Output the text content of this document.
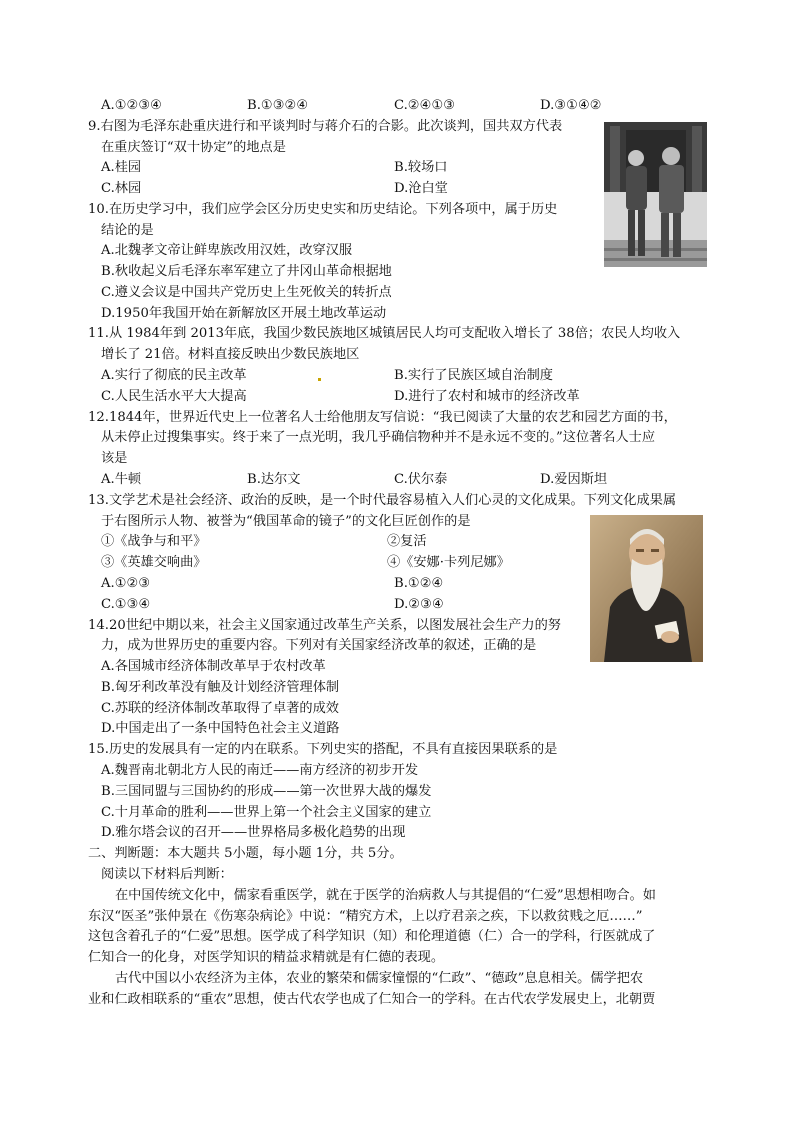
A.①②③④	B.①③②④	C.②④①③	D.③①④②
9.右图为毛泽东赴重庆进行和平谈判时与蒋介石的合影。此次谈判，国共双方代表
在重庆签订“双十协定”的地点是
A.桂园	B.较场口
C.林园	D.沧白堂
10.在历史学习中，我们应学会区分历史史实和历史结论。下列各项中，属于历史
结论的是
A.北魏孝文帝让鲜卑族改用汉姓，改穿汉服
B.秋收起义后毛泽东率军建立了井冈山革命根据地
C.遵义会议是中国共产党历史上生死攸关的转折点
D.1950年我国开始在新解放区开展土地改革运动
11.从 1984年到 2013年底，我国少数民族地区城镇居民人均可支配收入增长了 38倍；农民人均收入
增长了 21倍。材料直接反映出少数民族地区
A.实行了彻底的民主改革	B.实行了民族区域自治制度
C.人民生活水平大大提高	D.进行了农村和城市的经济改革
12.1844年，世界近代史上一位著名人士给他朋友写信说：“我已阅读了大量的农艺和园艺方面的书，
从未停止过搜集事实。终于来了一点光明，我几乎确信物种并不是永远不变的。”这位著名人士应
该是
A.牛顿	B.达尔文	C.伏尔泰	D.爱因斯坦
13.文学艺术是社会经济、政治的反映，是一个时代最容易植入人们心灵的文化成果。下列文化成果属
于右图所示人物、被誉为“俄国革命的镜子”的文化巨匠创作的是
①《战争与和平》	②复活
③《英雄交响曲》	④《安娜·卡列尼娜》
A.①②③	B.①②④
C.①③④	D.②③④
14.20世纪中期以来，社会主义国家通过改革生产关系，以图发展社会生产力的努
力，成为世界历史的重要内容。下列对有关国家经济改革的叙述，正确的是
A.各国城市经济体制改革早于农村改革
B.匈牙利改革没有触及计划经济管理体制
C.苏联的经济体制改革取得了卓著的成效
D.中国走出了一条中国特色社会主义道路
15.历史的发展具有一定的内在联系。下列史实的搭配，不具有直接因果联系的是
A.魏晋南北朝北方人民的南迁——南方经济的初步开发
B.三国同盟与三国协约的形成——第一次世界大战的爆发
C.十月革命的胜利——世界上第一个社会主义国家的建立
D.雅尔塔会议的召开——世界格局多极化趋势的出现
二、判断题：本大题共 5小题，每小题 1分，共 5分。
阅读以下材料后判断：
在中国传统文化中，儒家看重医学，就在于医学的治病救人与其提倡的“仁爱”思想相吻合。如
东汉“医圣”张仲景在《伤寒杂病论》中说：“精究方术，上以疗君亲之疾，下以救贫贱之厄……”
这包含着孔子的“仁爱”思想。医学成了科学知识（知）和伦理道德（仁）合一的学科，行医就成了
仁知合一的化身，对医学知识的精益求精就是有仁德的表现。
古代中国以小农经济为主体，农业的繁荣和儒家憧憬的“仁政”、“德政”息息相关。儒学把农
业和仁政相联系的“重农”思想，使古代农学也成了仁知合一的学科。在古代农学发展史上，北朝贾
